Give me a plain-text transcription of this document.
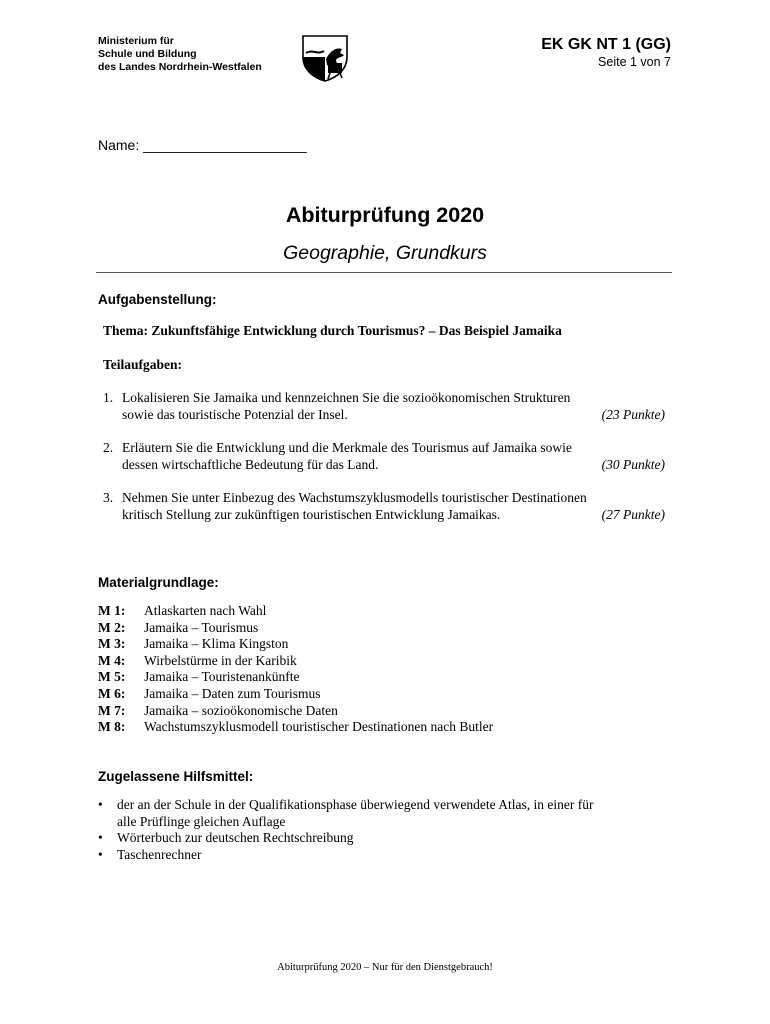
Ministerium für
Schule und Bildung
des Landes Nordrhein-Westfalen
EK GK NT 1 (GG)
Seite 1 von 7
Name: _____________________
Abiturprüfung 2020
Geographie, Grundkurs
Aufgabenstellung:
Thema: Zukunftsfähige Entwicklung durch Tourismus? – Das Beispiel Jamaika
Teilaufgaben:
1. Lokalisieren Sie Jamaika und kennzeichnen Sie die sozioökonomischen Strukturen
sowie das touristische Potenzial der Insel.	(23 Punkte)
2. Erläutern Sie die Entwicklung und die Merkmale des Tourismus auf Jamaika sowie
dessen wirtschaftliche Bedeutung für das Land.	(30 Punkte)
3. Nehmen Sie unter Einbezug des Wachstumszyklusmodells touristischer Destinationen
kritisch Stellung zur zukünftigen touristischen Entwicklung Jamaikas.	(27 Punkte)
Materialgrundlage:
M 1:	Atlaskarten nach Wahl
M 2:	Jamaika – Tourismus
M 3:	Jamaika – Klima Kingston
M 4:	Wirbelstürme in der Karibik
M 5:	Jamaika – Touristenankünfte
M 6:	Jamaika – Daten zum Tourismus
M 7:	Jamaika – sozioökonomische Daten
M 8:	Wachstumszyklusmodell touristischer Destinationen nach Butler
Zugelassene Hilfsmittel:
•	der an der Schule in der Qualifikationsphase überwiegend verwendete Atlas, in einer für
alle Prüflinge gleichen Auflage
•	Wörterbuch zur deutschen Rechtschreibung
•	Taschenrechner
Abiturprüfung 2020 – Nur für den Dienstgebrauch!
